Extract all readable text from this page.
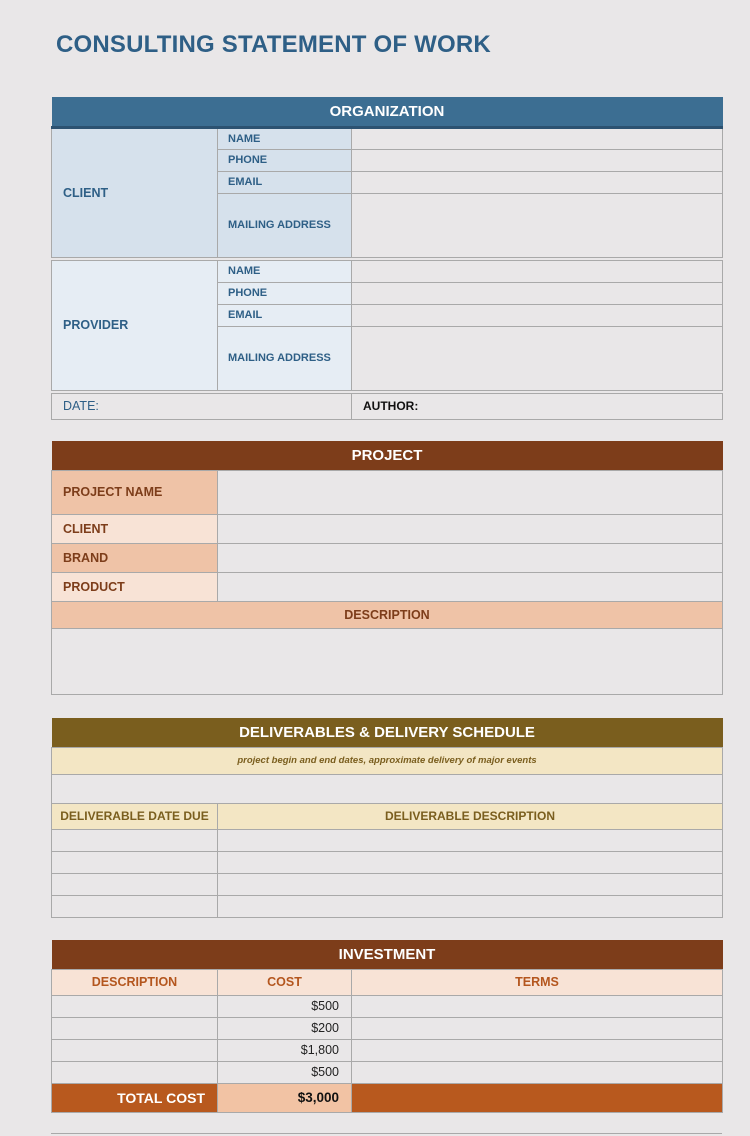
CONSULTING STATEMENT OF WORK
ORGANIZATION		
CLIENT	NAME	
	PHONE	
	EMAIL	
	MAILING ADDRESS	

PROVIDER	NAME	
	PHONE	
	EMAIL	
	MAILING ADDRESS	

DATE:		AUTHOR:
PROJECT	
PROJECT NAME	
CLIENT	
BRAND	
PRODUCT	
DESCRIPTION	

DELIVERABLES & DELIVERY SCHEDULE	
project begin and end dates, approximate delivery of major events	

DELIVERABLE DATE DUE	DELIVERABLE DESCRIPTION

INVESTMENT		
DESCRIPTION	COST	TERMS
	$500	
	$200	
	$1,800	
	$500	
TOTAL COST	$3,000	
